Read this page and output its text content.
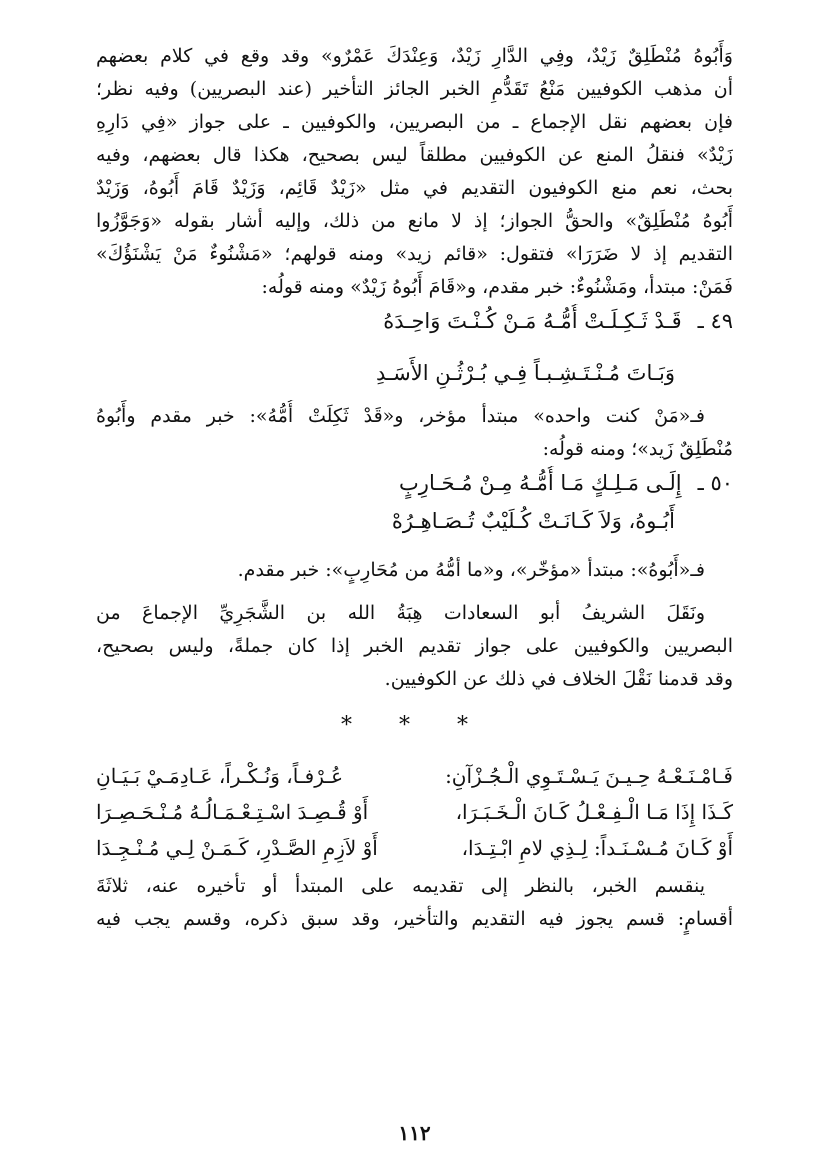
وَأَبُوهُ مُنْطَلِقٌ زَيْدٌ، وفِي الدَّارِ زَيْدٌ، وَعِنْدَكَ عَمْرٌو» وقد وقع في كلام بعضهم

أن مذهب الكوفيين مَنْعُ تَقَدُّمِ الخبر الجائز التأخير (عند البصريين) وفيه نظر؛

فإن بعضهم نقل الإجماع ـ من البصريين، والكوفيين ـ على جواز «فِي دَارِهِ

زَيْدٌ» فنقلُ المنع عن الكوفيين مطلقاً ليس بصحيح، هكذا قال بعضهم، وفيه

بحث، نعم منع الكوفيون التقديم في مثل «زَيْدٌ قَائِم، وَزَيْدٌ قَامَ أَبُوهُ، وَزَيْدٌ

أَبُوهُ مُنْطَلِقٌ» والحقُّ الجواز؛ إذ لا مانع من ذلك، وإليه أشار بقوله «وَجَوَّزُوا

التقديم إذ لا ضَرَرَا» فتقول: «قائم زيد» ومنه قولهم؛ «مَشْنُوءٌ مَنْ يَشْنَؤُكَ»

فَمَنْ: مبتدأ، ومَشْنُوءٌ: خبر مقدم، و«قَامَ أَبُوهُ زَيْدٌ» ومنه قولُه:

٤٩ ـقَـدْ ثَـكِـلَـتْ أُمُّـهُ مَـنْ كُـنْـتَ وَاحِـدَهُ

وَبَـاتَ مُـنْـتَـشِـبـاً فِـي بُـرْثُـنِ الأَسَـدِ

فـ«مَنْ كنت واحده» مبتدأ مؤخر، و«قَدْ ثَكِلَتْ أُمُّهُ»: خبر مقدم وأَبُوهُ

مُنْطَلِقٌ زَيد»؛ ومنه قولُه:

٥٠ ـإِلَـى مَـلِـكٍ مَـا أُمُّـهُ مِـنْ مُـحَـارِبٍ

أَبُـوهُ، وَلاَ كَـانَـتْ كُـلَيْبٌ تُـصَـاهِـرُهْ

فـ«أَبُوهُ»: مبتدأ «مؤخّر»، و«ما أمُّهُ من مُحَارِبٍ»: خبر مقدم.

ونَقَلَ الشريفُ أبو السعادات هِبَةُ الله بن الشَّجَرِيِّ الإجماعَ من

البصريين والكوفيين على جواز تقديم الخبر إذا كان جملةً، وليس بصحيح،

وقد قدمنا نَقْلَ الخلاف في ذلك عن الكوفيين.

* * *
فَـامْـنَـعْـهُ حِـيـنَ يَـسْـتَـوِي الْـجُـزْآنِ:
عُـرْفـاً، وَنُـكْـراً، عَـادِمَـيْ بَـيَـانِ
كَـذَا إِذَا مَـا الْـفِـعْـلُ كَـانَ الْـخَـبَـرَا،
أَوْ قُـصِـدَ اسْـتِـعْـمَـالُـهُ مُـنْـحَـصِـرَا
أَوْ كَـانَ مُـسْـنَـداً: لِـذِي لامِ ابْـتِـدَا،
أَوْ لاَزِمِ الصَّـدْرِ، كَـمَـنْ لِـي مُـنْـجِـدَا

ينقسم الخبر، بالنظر إلى تقديمه على المبتدأ أو تأخيره عنه، ثلاثَةَ

أقسامٍ: قسم يجوز فيه التقديم والتأخير، وقد سبق ذكره، وقسم يجب فيه

١١٢
